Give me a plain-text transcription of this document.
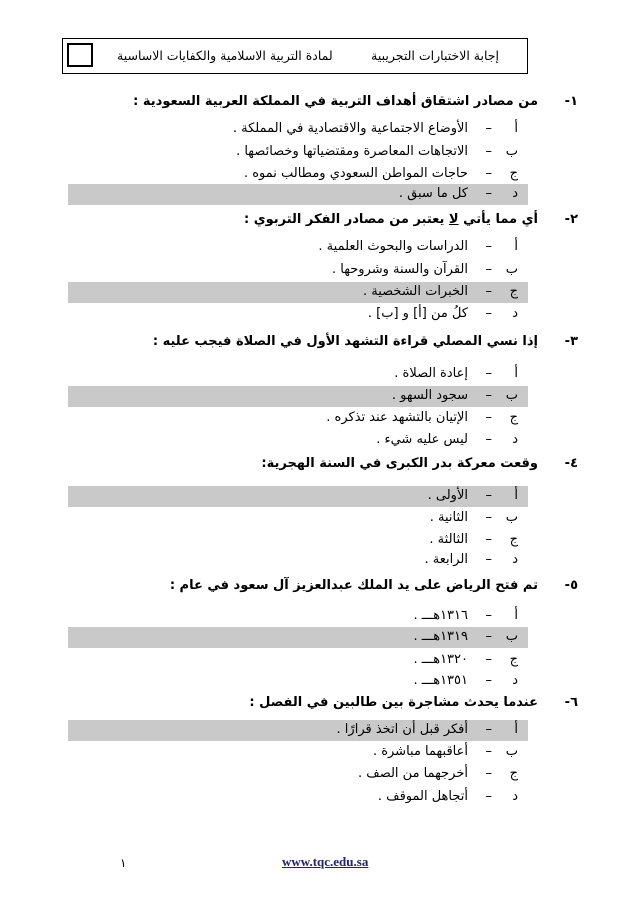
لمادة التربية الاسلامية والكفايات الاساسية	إجابة الاختبارات التجريبية
١-
من مصادر اشتقاق أهداف التربية في المملكة العربية السعودية :
أ
–
الأوضاع الاجتماعية والاقتصادية في المملكة .
ب
–
الاتجاهات المعاصرة ومقتضياتها وخصائصها .
ج
–
حاجات المواطن السعودي ومطالب نموه .
د
–
كل ما سبق .
٢-
أي مما يأتي لا يعتبر من مصادر الفكر التربوي :
أ
–
الدراسات والبحوث العلمية .
ب
–
القرآن والسنة وشروحها .
ج
–
الخبرات الشخصية .
د
–
كلُ من [أ] و [ب] .
٣-
إذا نسي المصلي قراءة التشهد الأول في الصلاة فيجب عليه :
أ
–
إعادة الصلاة .
ب
–
سجود السهو .
ج
–
الإتيان بالتشهد عند تذكره .
د
–
ليس عليه شيء .
٤-
وقعت معركة بدر الكبرى في السنة الهجرية:
أ
–
الأولى .
ب
–
الثانية .
ج
–
الثالثة .
د
–
الرابعة .
٥-
تم فتح الرياض على يد الملك عبدالعزيز آل سعود في عام :
أ
–
١٣١٦هـــ .
ب
–
١٣١٩هـــ .
ج
–
١٣٢٠هـــ .
د
–
١٣٥١هـــ .
٦-
عندما يحدث مشاجرة بين طالبين في الفصل :
أ
–
أفكر قبل أن اتخذ قرارًا .
ب
–
أعاقبهما مباشرة .
ج
–
أخرجهما من الصف .
د
–
أتجاهل الموقف .
١	www.tqc.edu.sa
